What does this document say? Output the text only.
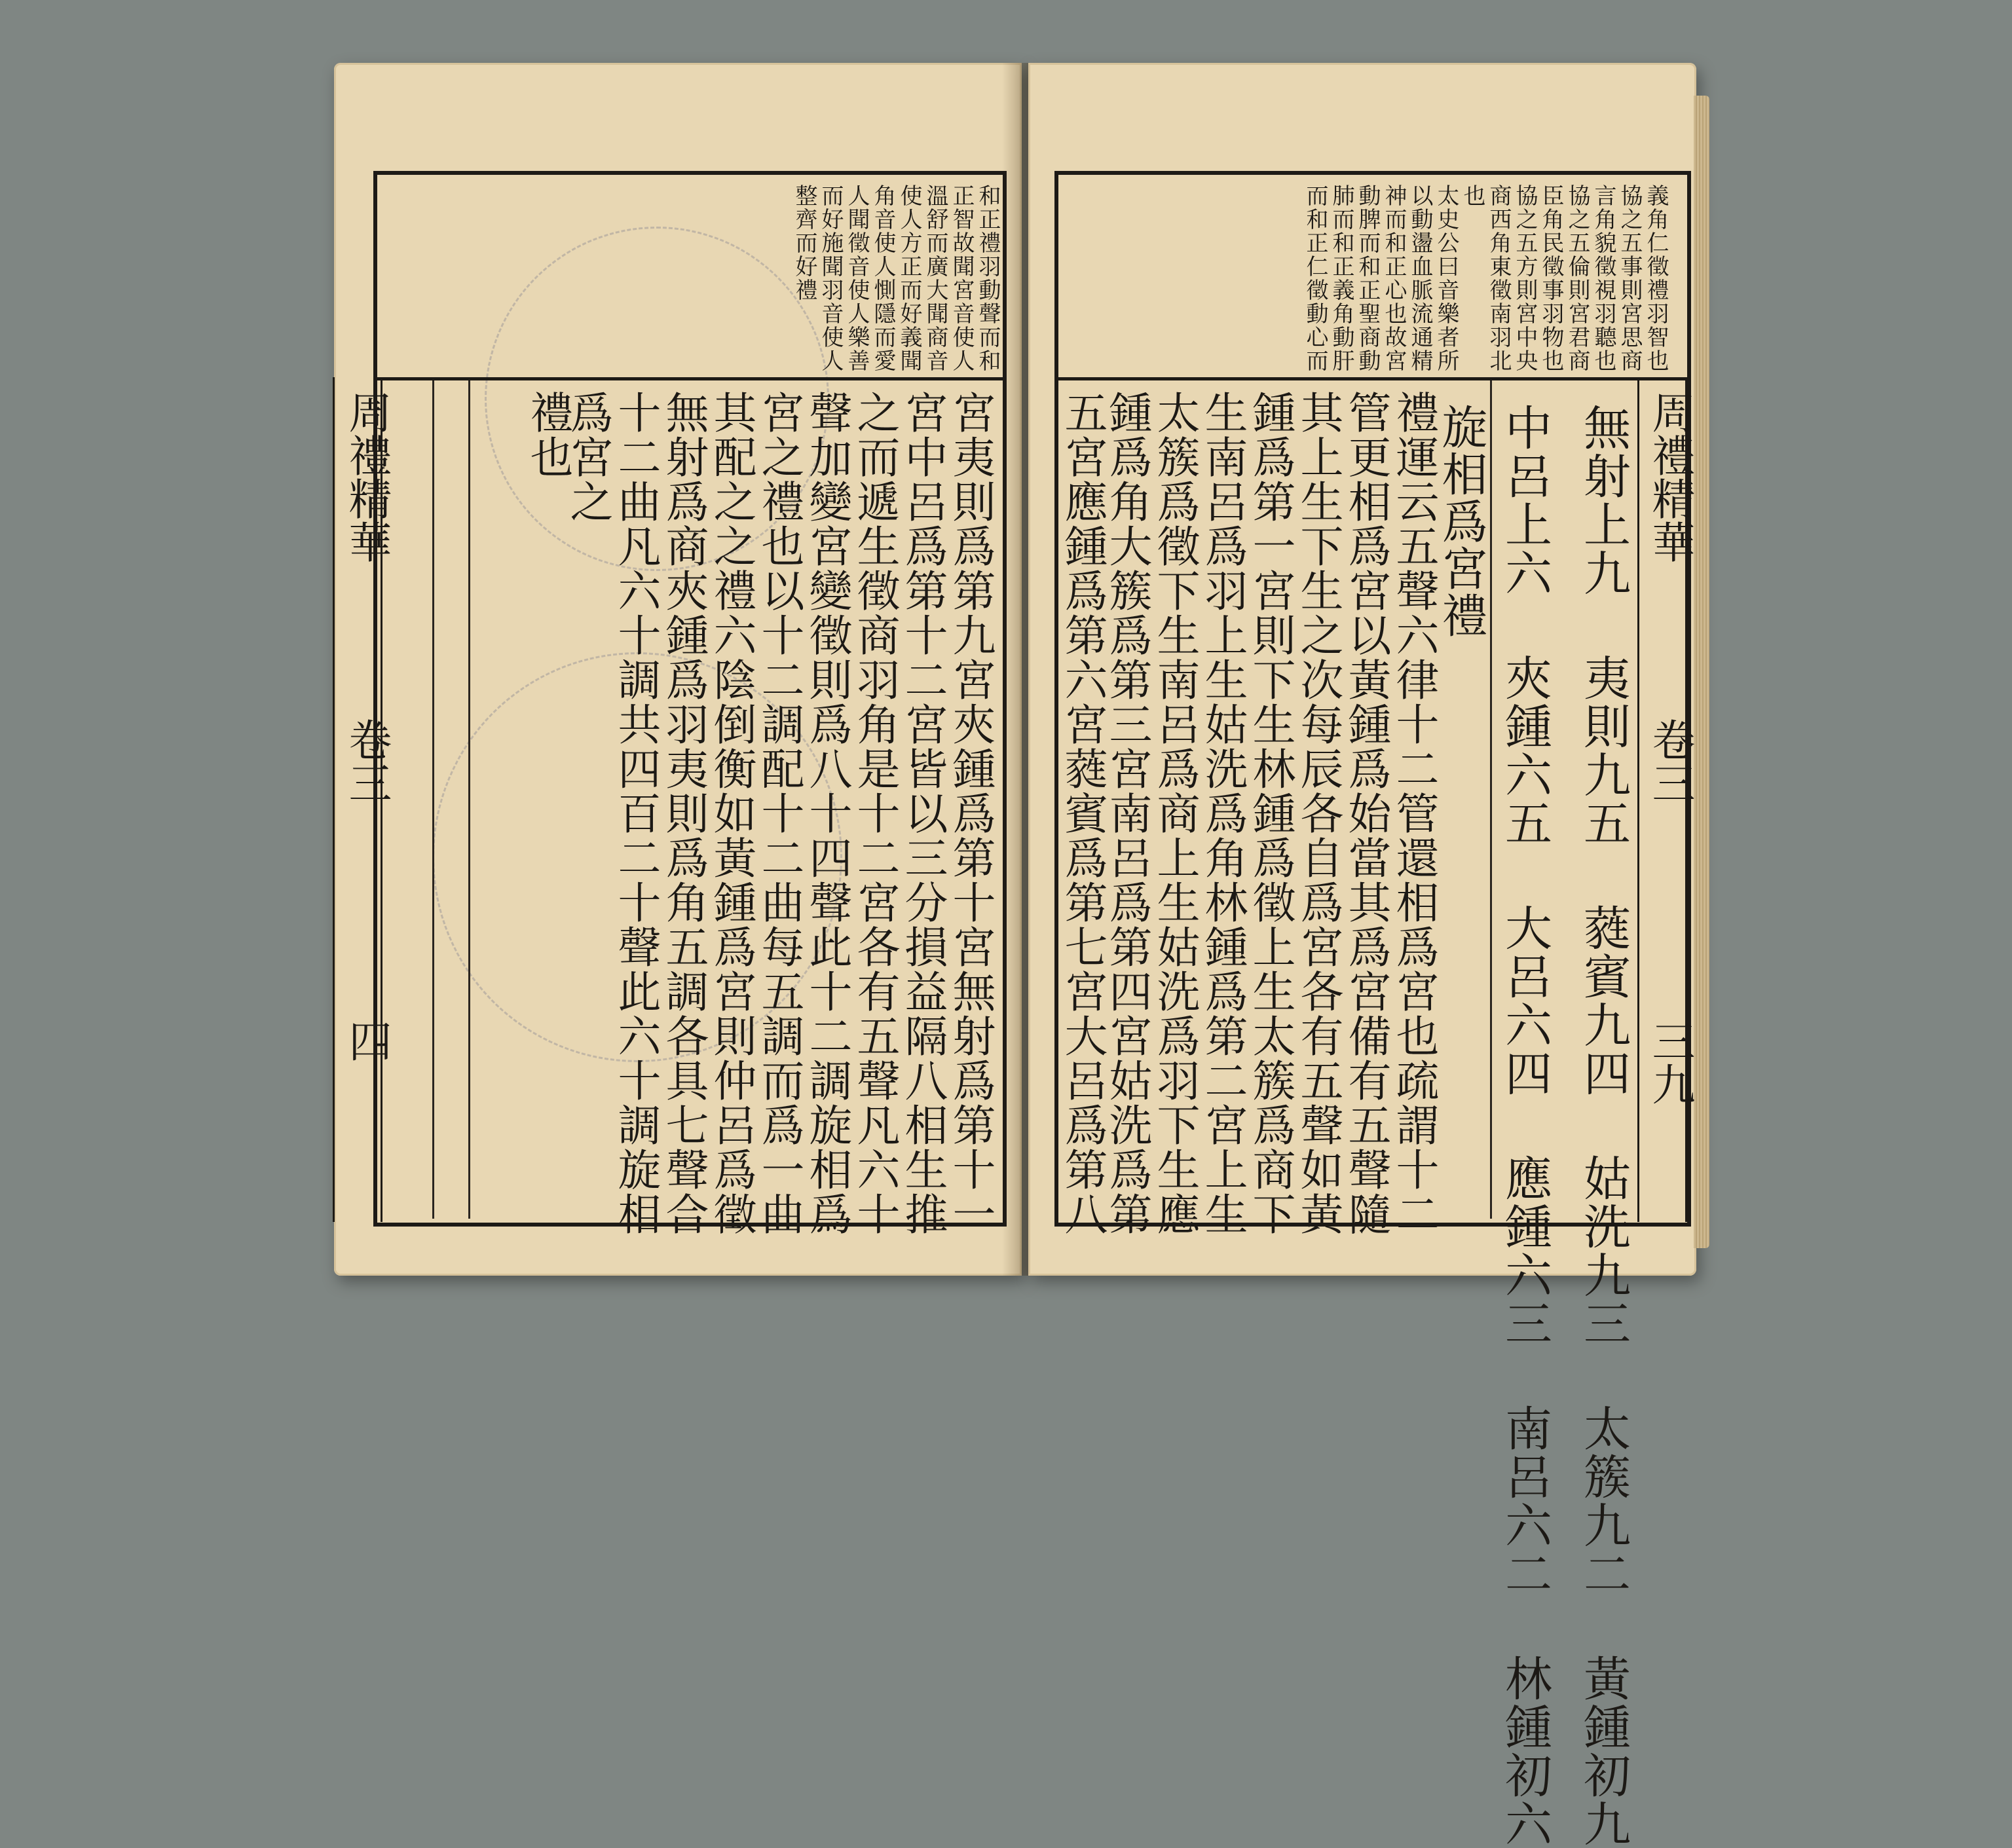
周禮精華
卷三
四
和正禮羽動聲而和
正智故聞宮音使人
溫舒而廣大聞商音
使人方正而好義聞
角音使人惻隱而愛
人聞徵音使人樂善
而好施聞羽音使人
整齊而好禮
宮夷則爲第九宮夾鍾爲第十宮無射爲第十一
宮中呂爲第十二宮皆以三分損益隔八相生推
之而遞生徵商羽角是十二宮各有五聲凡六十
聲加變宮變徵則爲八十四聲此十二調旋相爲
宮之禮也以十二調配十二曲每五調而爲一曲
其配之之禮六陰倒衡如黃鍾爲宮則仲呂爲徵
無射爲商夾鍾爲羽夷則爲角五調各具七聲合
十二曲凡六十調共四百二十聲此六十調旋相
爲宮之
禮也	周禮精華
卷三
三九
義角仁徵禮羽智也
協之五事則宮思商
言角貌徵視羽聽也
協之五倫則宮君商
臣角民徵事羽物也
協之五方則宮中央
商西角東徵南羽北
也
太史公曰音樂者所
以動盪血脈流通精
神而和正心也故宮
動脾而和正聖商動
肺而和正義角動肝
而和正仁徵動心而
無射上九 夷則九五 蕤賓九四 姑洗九三 太簇九二 黃鍾初九
中呂上六 夾鍾六五 大呂六四 應鍾六三 南呂六二 林鍾初六
旋相爲宮禮
禮運云五聲六律十二管還相爲宮也疏謂十二
管更相爲宮以黃鍾爲始當其爲宮備有五聲隨
其上生下生之次每辰各自爲宮各有五聲如黃
鍾爲第一宮則下生林鍾爲徵上生太簇爲商下
生南呂爲羽上生姑洗爲角林鍾爲第二宮上生
太簇爲徵下生南呂爲商上生姑洗爲羽下生應
鍾爲角大簇爲第三宮南呂爲第四宮姑洗爲第
五宮應鍾爲第六宮蕤賓爲第七宮大呂爲第八
